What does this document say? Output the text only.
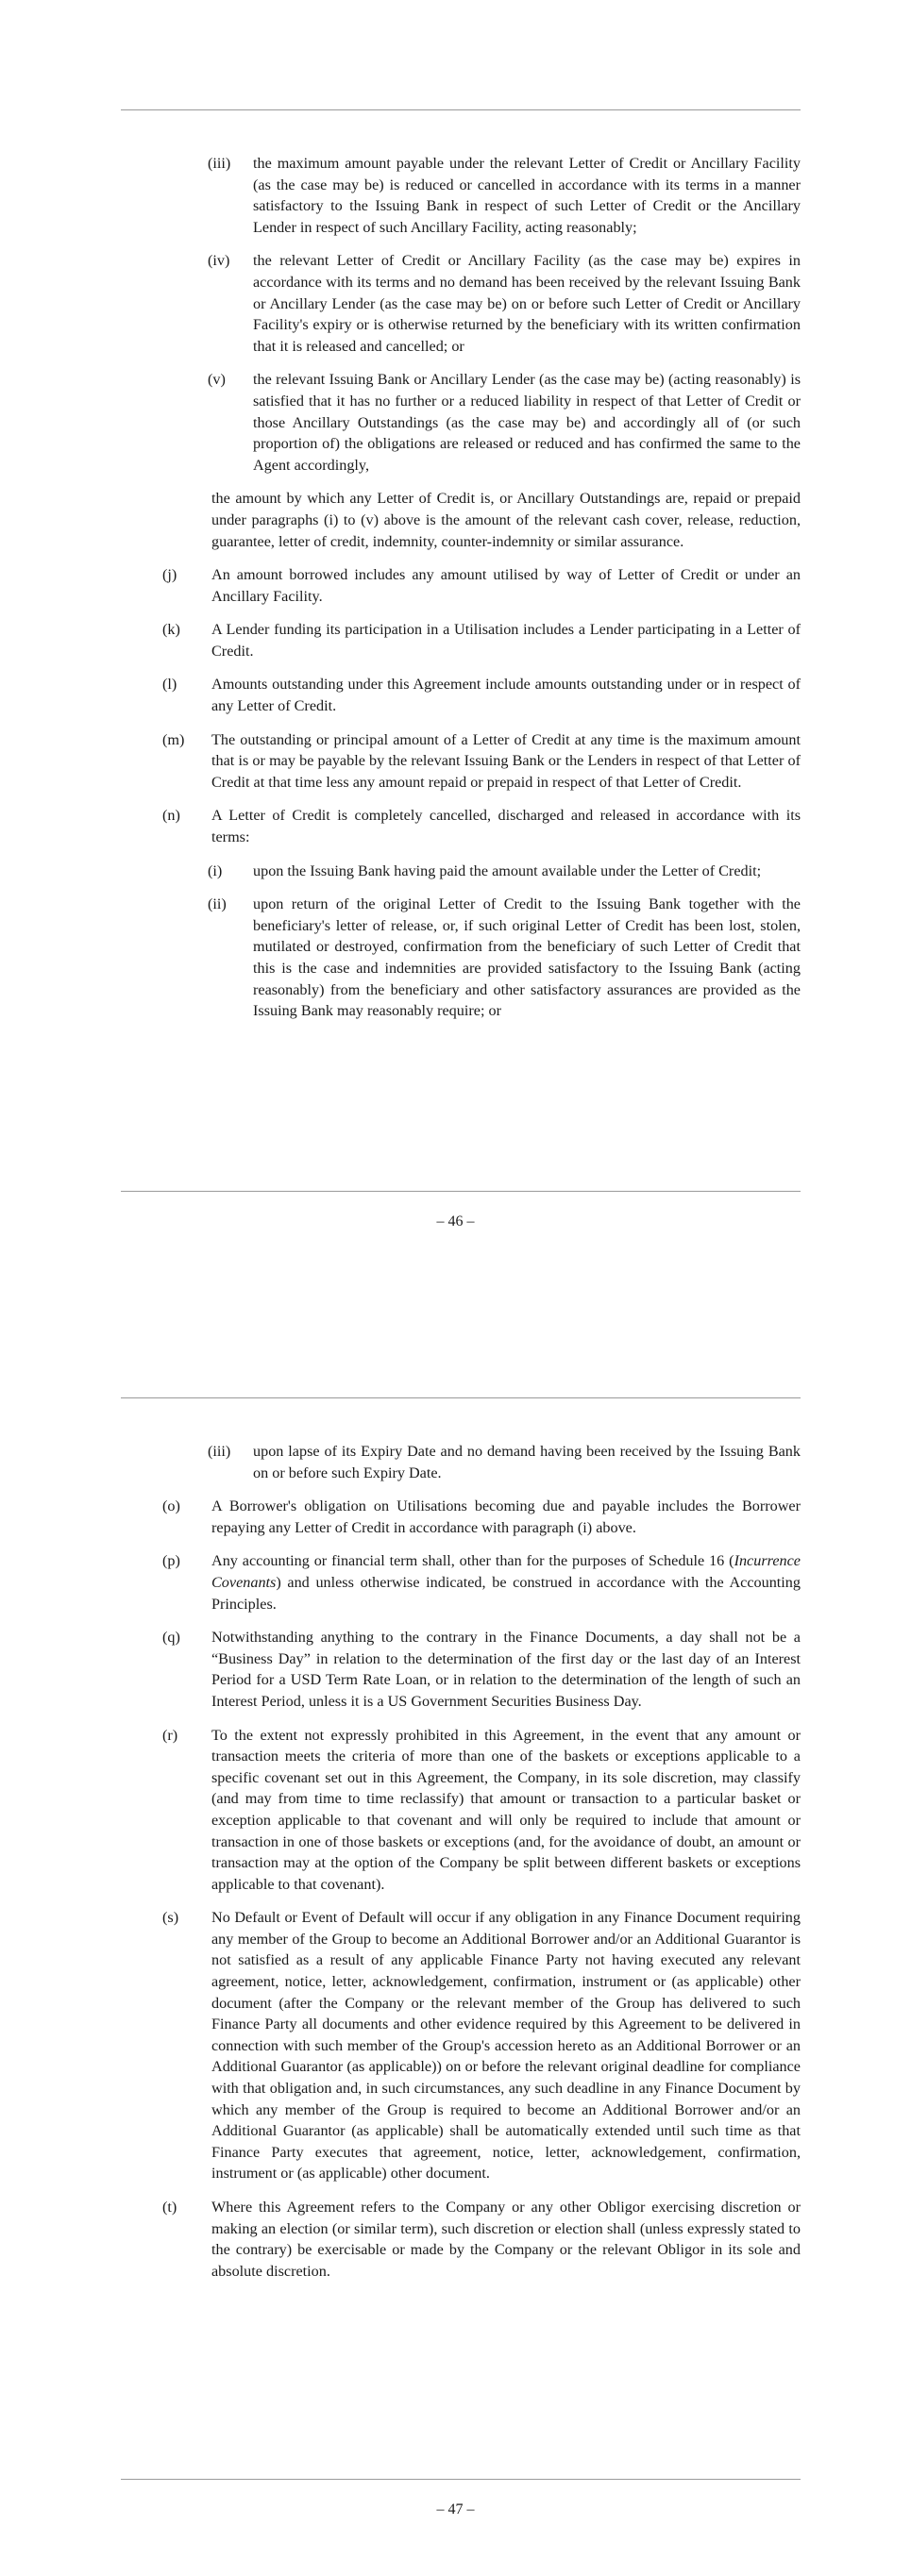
(iii)	the maximum amount payable under the relevant Letter of Credit or Ancillary Facility (as the case may be) is reduced or cancelled in accordance with its terms in a manner satisfactory to the Issuing Bank in respect of such Letter of Credit or the Ancillary Lender in respect of such Ancillary Facility, acting reasonably;
(iv)	the relevant Letter of Credit or Ancillary Facility (as the case may be) expires in accordance with its terms and no demand has been received by the relevant Issuing Bank or Ancillary Lender (as the case may be) on or before such Letter of Credit or Ancillary Facility's expiry or is otherwise returned by the beneficiary with its written confirmation that it is released and cancelled; or
(v)	the relevant Issuing Bank or Ancillary Lender (as the case may be) (acting reasonably) is satisfied that it has no further or a reduced liability in respect of that Letter of Credit or those Ancillary Outstandings (as the case may be) and accordingly all of (or such proportion of) the obligations are released or reduced and has confirmed the same to the Agent accordingly,

the amount by which any Letter of Credit is, or Ancillary Outstandings are, repaid or prepaid under paragraphs (i) to (v) above is the amount of the relevant cash cover, release, reduction, guarantee, letter of credit, indemnity, counter-indemnity or similar assurance.

(j)	An amount borrowed includes any amount utilised by way of Letter of Credit or under an Ancillary Facility.
(k)	A Lender funding its participation in a Utilisation includes a Lender participating in a Letter of Credit.
(l)	Amounts outstanding under this Agreement include amounts outstanding under or in respect of any Letter of Credit.
(m)	The outstanding or principal amount of a Letter of Credit at any time is the maximum amount that is or may be payable by the relevant Issuing Bank or the Lenders in respect of that Letter of Credit at that time less any amount repaid or prepaid in respect of that Letter of Credit.
(n)	A Letter of Credit is completely cancelled, discharged and released in accordance with its terms:
(i)	upon the Issuing Bank having paid the amount available under the Letter of Credit;
(ii)	upon return of the original Letter of Credit to the Issuing Bank together with the beneficiary's letter of release, or, if such original Letter of Credit has been lost, stolen, mutilated or destroyed, confirmation from the beneficiary of such Letter of Credit that this is the case and indemnities are provided satisfactory to the Issuing Bank (acting reasonably) from the beneficiary and other satisfactory assurances are provided as the Issuing Bank may reasonably require; or
– 46 –
(iii)	upon lapse of its Expiry Date and no demand having been received by the Issuing Bank on or before such Expiry Date.
(o)	A Borrower's obligation on Utilisations becoming due and payable includes the Borrower repaying any Letter of Credit in accordance with paragraph (i) above.
(p)	Any accounting or financial term shall, other than for the purposes of Schedule 16 (Incurrence Covenants) and unless otherwise indicated, be construed in accordance with the Accounting Principles.
(q)	Notwithstanding anything to the contrary in the Finance Documents, a day shall not be a “Business Day” in relation to the determination of the first day or the last day of an Interest Period for a USD Term Rate Loan, or in relation to the determination of the length of such an Interest Period, unless it is a US Government Securities Business Day.
(r)	To the extent not expressly prohibited in this Agreement, in the event that any amount or transaction meets the criteria of more than one of the baskets or exceptions applicable to a specific covenant set out in this Agreement, the Company, in its sole discretion, may classify (and may from time to time reclassify) that amount or transaction to a particular basket or exception applicable to that covenant and will only be required to include that amount or transaction in one of those baskets or exceptions (and, for the avoidance of doubt, an amount or transaction may at the option of the Company be split between different baskets or exceptions applicable to that covenant).
(s)	No Default or Event of Default will occur if any obligation in any Finance Document requiring any member of the Group to become an Additional Borrower and/or an Additional Guarantor is not satisfied as a result of any applicable Finance Party not having executed any relevant agreement, notice, letter, acknowledgement, confirmation, instrument or (as applicable) other document (after the Company or the relevant member of the Group has delivered to such Finance Party all documents and other evidence required by this Agreement to be delivered in connection with such member of the Group's accession hereto as an Additional Borrower or an Additional Guarantor (as applicable)) on or before the relevant original deadline for compliance with that obligation and, in such circumstances, any such deadline in any Finance Document by which any member of the Group is required to become an Additional Borrower and/or an Additional Guarantor (as applicable) shall be automatically extended until such time as that Finance Party executes that agreement, notice, letter, acknowledgement, confirmation, instrument or (as applicable) other document.
(t)	Where this Agreement refers to the Company or any other Obligor exercising discretion or making an election (or similar term), such discretion or election shall (unless expressly stated to the contrary) be exercisable or made by the Company or the relevant Obligor in its sole and absolute discretion.
– 47 –
